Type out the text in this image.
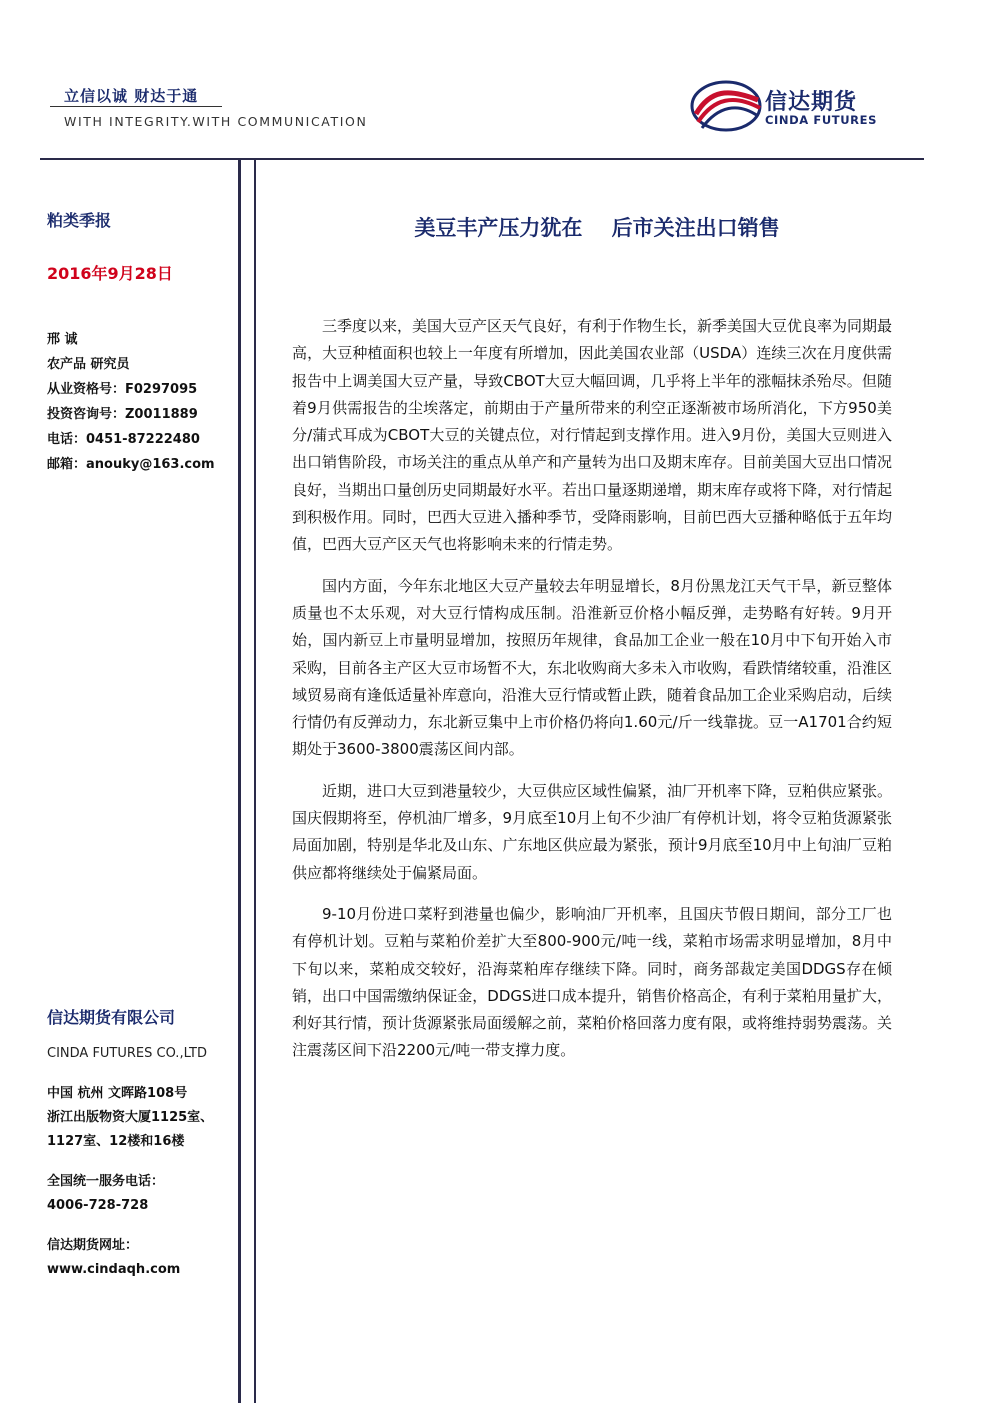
立信以诚 财达于通
WITH INTEGRITY.WITH COMMUNICATION
信达期货
CINDA FUTURES
粕类季报
2016年9月28日
邢 诚
农产品 研究员
从业资格号：F0297095
投资咨询号：Z0011889
电话：0451-87222480
邮箱：anouky@163.com
信达期货有限公司
CINDA FUTURES CO.,LTD
中国 杭州 文晖路108号
浙江出版物资大厦1125室、
1127室、12楼和16楼
全国统一服务电话：
4006-728-728
信达期货网址：
www.cindaqh.com
美豆丰产压力犹在    后市关注出口销售

三季度以来，美国大豆产区天气良好，有利于作物生长，新季美国大豆优良率为同期最高，大豆种植面积也较上一年度有所增加，因此美国农业部（USDA）连续三次在月度供需报告中上调美国大豆产量，导致CBOT大豆大幅回调，几乎将上半年的涨幅抹杀殆尽。但随着9月供需报告的尘埃落定，前期由于产量所带来的利空正逐渐被市场所消化，下方950美分/蒲式耳成为CBOT大豆的关键点位，对行情起到支撑作用。进入9月份，美国大豆则进入出口销售阶段，市场关注的重点从单产和产量转为出口及期末库存。目前美国大豆出口情况良好，当期出口量创历史同期最好水平。若出口量逐期递增，期末库存或将下降，对行情起到积极作用。同时，巴西大豆进入播种季节，受降雨影响，目前巴西大豆播种略低于五年均值，巴西大豆产区天气也将影响未来的行情走势。

国内方面，今年东北地区大豆产量较去年明显增长，8月份黑龙江天气干旱，新豆整体质量也不太乐观，对大豆行情构成压制。沿淮新豆价格小幅反弹，走势略有好转。9月开始，国内新豆上市量明显增加，按照历年规律，食品加工企业一般在10月中下旬开始入市采购，目前各主产区大豆市场暂不大，东北收购商大多未入市收购，看跌情绪较重，沿淮区域贸易商有逢低适量补库意向，沿淮大豆行情或暂止跌，随着食品加工企业采购启动，后续行情仍有反弹动力，东北新豆集中上市价格仍将向1.60元/斤一线靠拢。豆一A1701合约短期处于3600-3800震荡区间内部。

近期，进口大豆到港量较少，大豆供应区域性偏紧，油厂开机率下降，豆粕供应紧张。国庆假期将至，停机油厂增多，9月底至10月上旬不少油厂有停机计划，将令豆粕货源紧张局面加剧，特别是华北及山东、广东地区供应最为紧张，预计9月底至10月中上旬油厂豆粕供应都将继续处于偏紧局面。

9-10月份进口菜籽到港量也偏少，影响油厂开机率，且国庆节假日期间，部分工厂也有停机计划。豆粕与菜粕价差扩大至800-900元/吨一线，菜粕市场需求明显增加，8月中下旬以来，菜粕成交较好，沿海菜粕库存继续下降。同时，商务部裁定美国DDGS存在倾销，出口中国需缴纳保证金，DDGS进口成本提升，销售价格高企，有利于菜粕用量扩大，利好其行情，预计货源紧张局面缓解之前，菜粕价格回落力度有限，或将维持弱势震荡。关注震荡区间下沿2200元/吨一带支撑力度。
